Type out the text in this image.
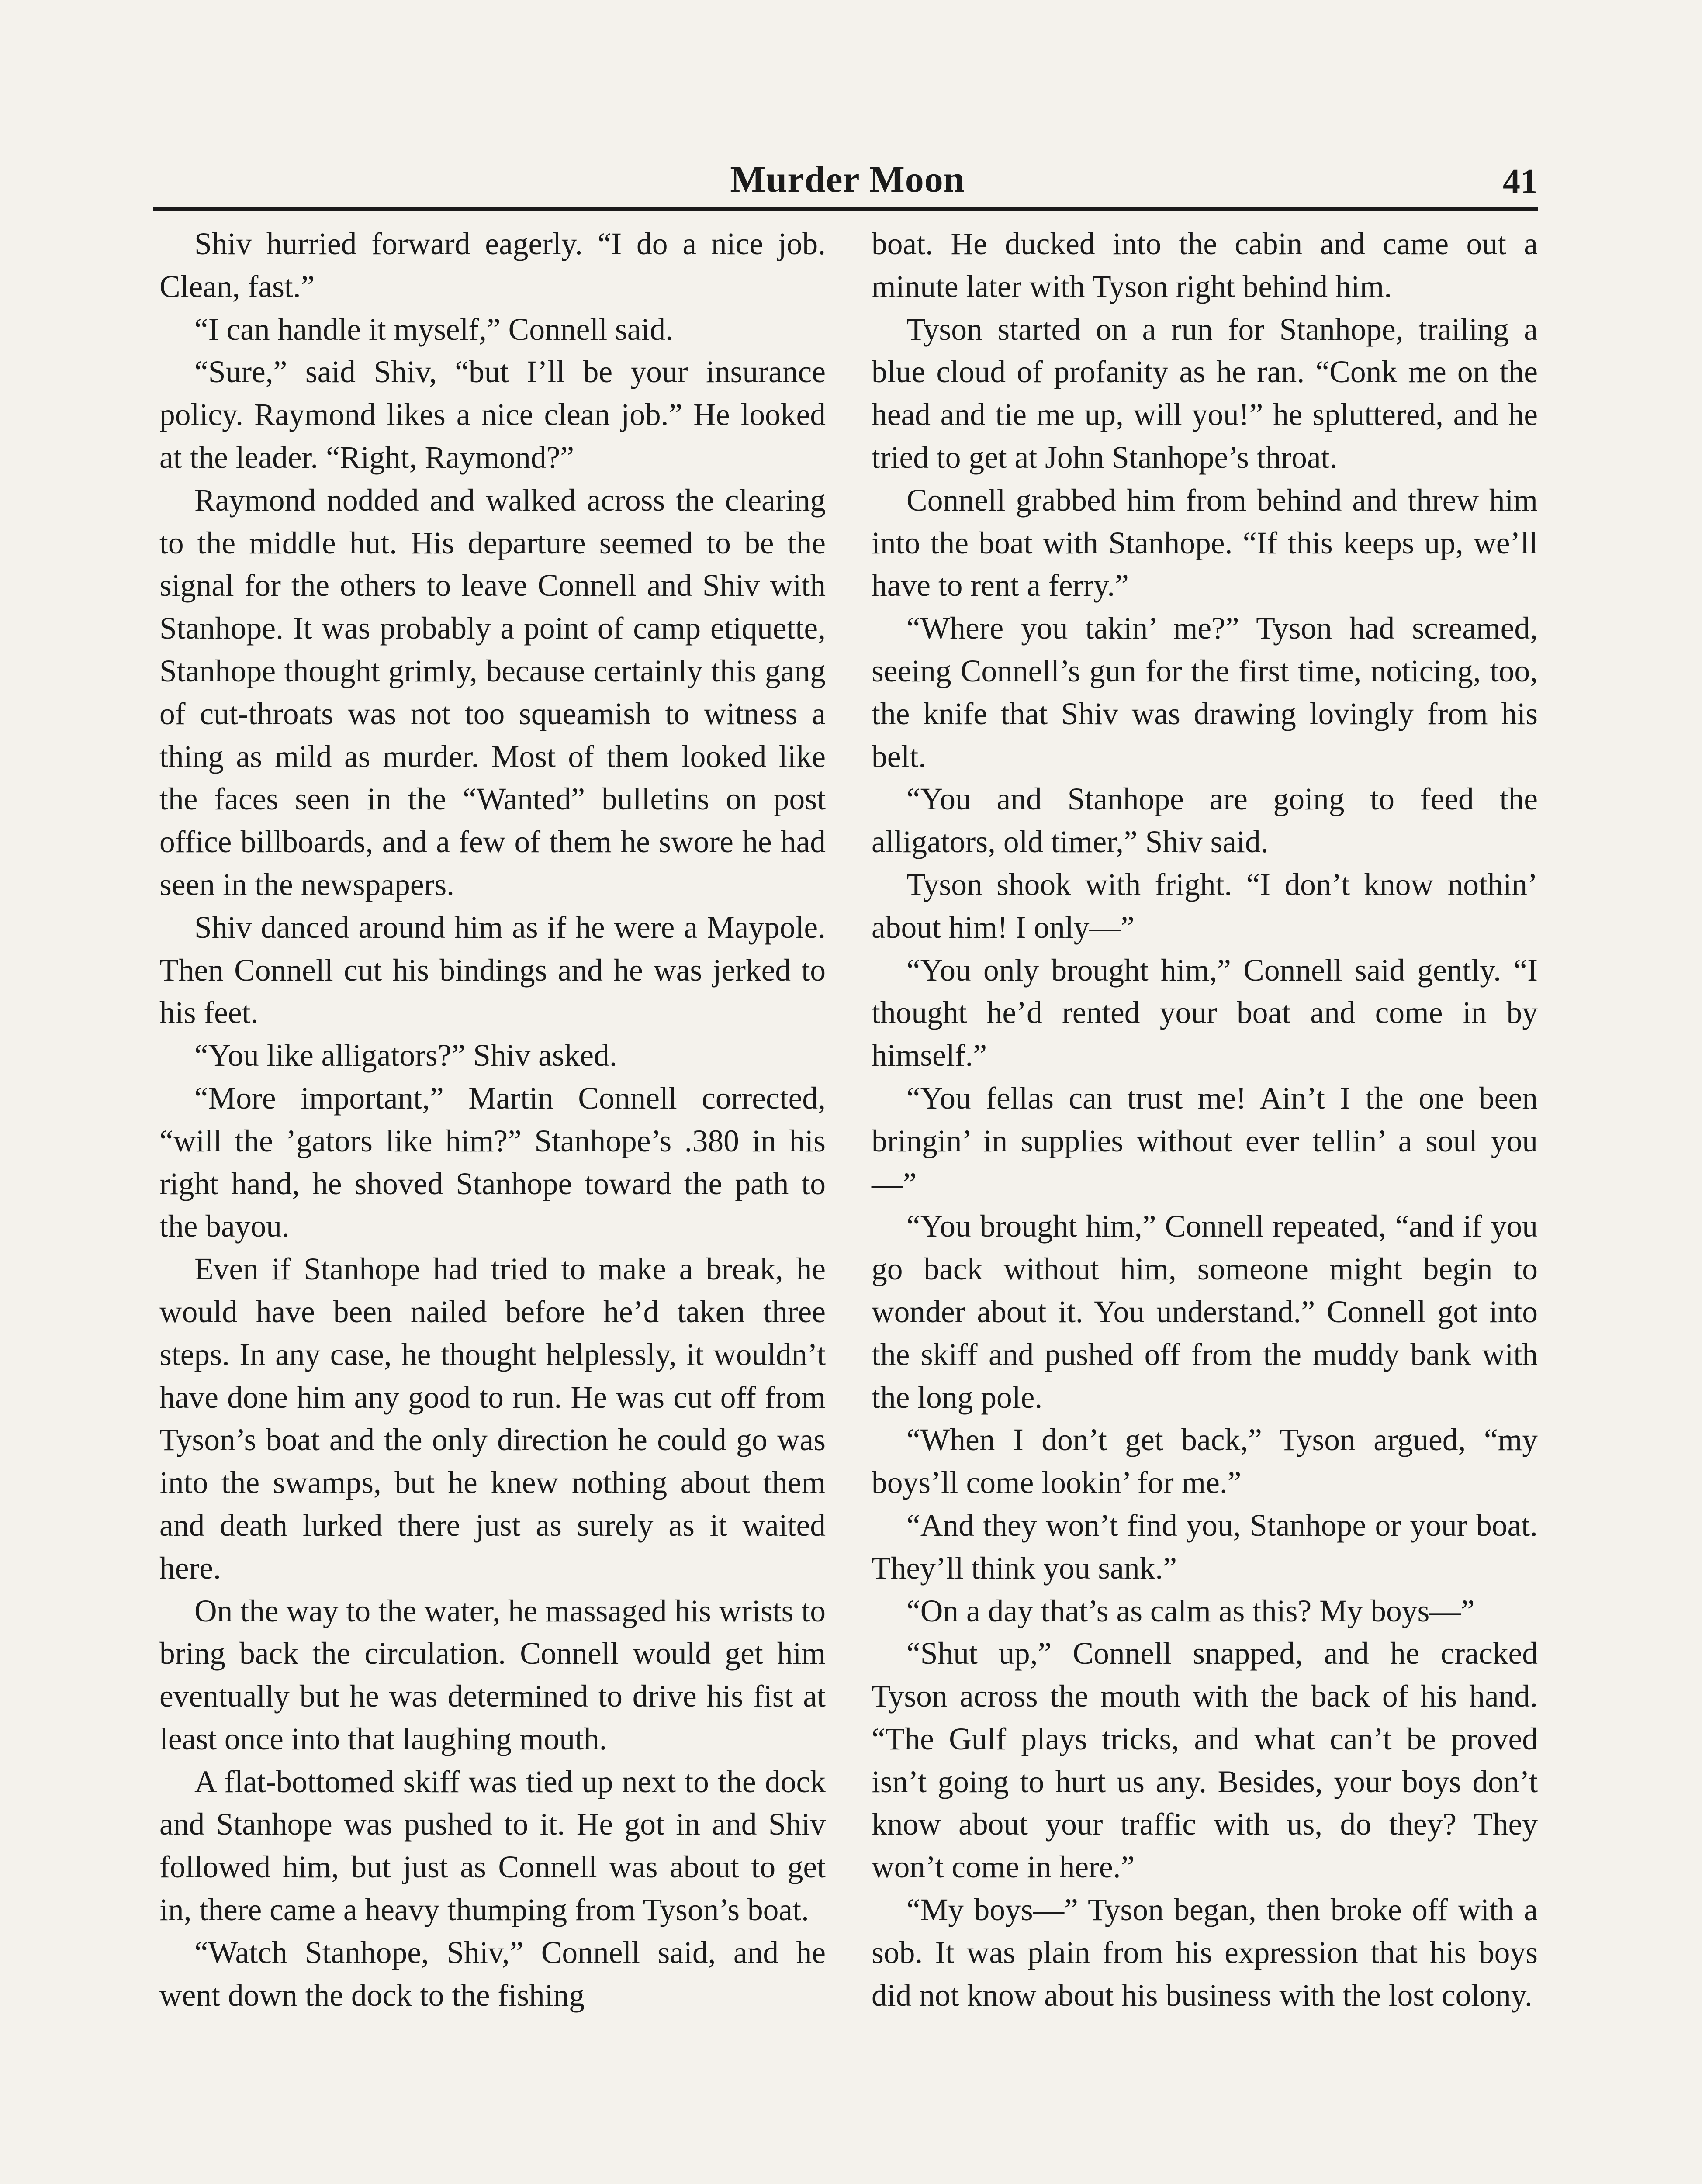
Murder Moon	41

Shiv hurried forward eagerly. “I do a nice job. Clean, fast.”

“I can handle it myself,” Connell said.

“Sure,” said Shiv, “but I’ll be your insurance policy. Raymond likes a nice clean job.” He looked at the leader. “Right, Raymond?”

Raymond nodded and walked across the clearing to the middle hut. His departure seemed to be the signal for the others to leave Connell and Shiv with Stanhope. It was probably a point of camp etiquette, Stanhope thought grimly, because certainly this gang of cut-throats was not too squeamish to witness a thing as mild as murder. Most of them looked like the faces seen in the “Wanted” bulletins on post office billboards, and a few of them he swore he had seen in the newspapers.

Shiv danced around him as if he were a Maypole. Then Connell cut his bindings and he was jerked to his feet.

“You like alligators?” Shiv asked.

“More important,” Martin Connell corrected, “will the ’gators like him?” Stanhope’s .380 in his right hand, he shoved Stanhope toward the path to the bayou.

Even if Stanhope had tried to make a break, he would have been nailed before he’d taken three steps. In any case, he thought helplessly, it wouldn’t have done him any good to run. He was cut off from Tyson’s boat and the only direction he could go was into the swamps, but he knew nothing about them and death lurked there just as surely as it waited here.

On the way to the water, he massaged his wrists to bring back the circulation. Connell would get him eventually but he was determined to drive his fist at least once into that laughing mouth.

A flat-bottomed skiff was tied up next to the dock and Stanhope was pushed to it. He got in and Shiv followed him, but just as Connell was about to get in, there came a heavy thumping from Tyson’s boat.

“Watch Stanhope, Shiv,” Connell said, and he went down the dock to the fishing

boat. He ducked into the cabin and came out a minute later with Tyson right behind him.

Tyson started on a run for Stanhope, trailing a blue cloud of profanity as he ran. “Conk me on the head and tie me up, will you!” he spluttered, and he tried to get at John Stanhope’s throat.

Connell grabbed him from behind and threw him into the boat with Stanhope. “If this keeps up, we’ll have to rent a ferry.”

“Where you takin’ me?” Tyson had screamed, seeing Connell’s gun for the first time, noticing, too, the knife that Shiv was drawing lovingly from his belt.

“You and Stanhope are going to feed the alligators, old timer,” Shiv said.

Tyson shook with fright. “I don’t know nothin’ about him! I only—”

“You only brought him,” Connell said gently. “I thought he’d rented your boat and come in by himself.”

“You fellas can trust me! Ain’t I the one been bringin’ in supplies without ever tellin’ a soul you—”

“You brought him,” Connell repeated, “and if you go back without him, someone might begin to wonder about it. You understand.” Connell got into the skiff and pushed off from the muddy bank with the long pole.

“When I don’t get back,” Tyson argued, “my boys’ll come lookin’ for me.”

“And they won’t find you, Stanhope or your boat. They’ll think you sank.”

“On a day that’s as calm as this? My boys—”

“Shut up,” Connell snapped, and he cracked Tyson across the mouth with the back of his hand. “The Gulf plays tricks, and what can’t be proved isn’t going to hurt us any. Besides, your boys don’t know about your traffic with us, do they? They won’t come in here.”

“My boys—” Tyson began, then broke off with a sob. It was plain from his expression that his boys did not know about his business with the lost colony.
